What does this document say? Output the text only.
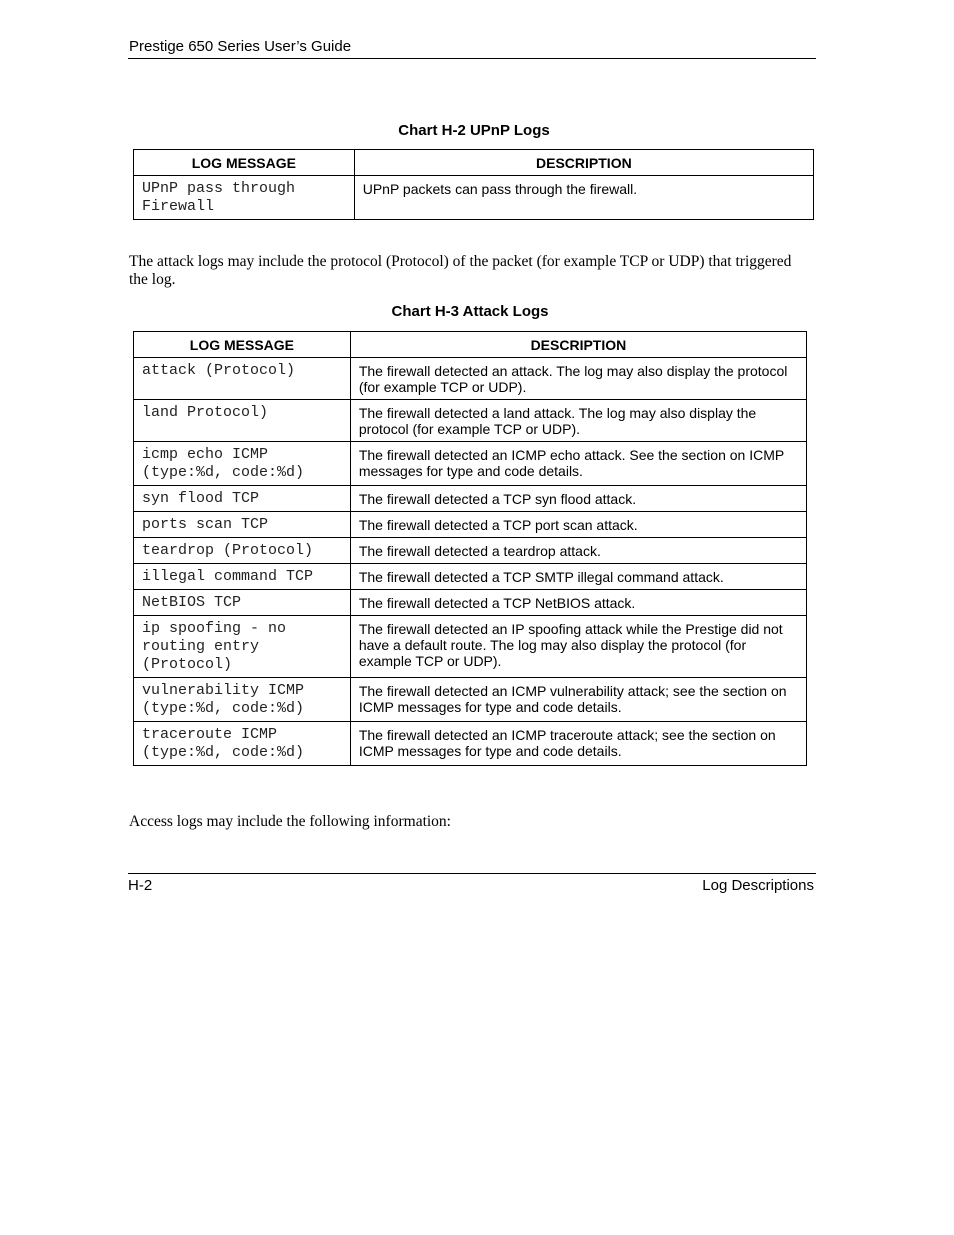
Prestige 650 Series User’s Guide
Chart H-2 UPnP Logs
LOG MESSAGE	DESCRIPTION
UPnP pass through
Firewall	UPnP packets can pass through the firewall.
The attack logs may include the protocol (Protocol) of the packet (for example TCP or UDP) that triggered the log.
Chart H-3 Attack Logs
LOG MESSAGE	DESCRIPTION
attack (Protocol)	The firewall detected an attack. The log may also display the protocol (for example TCP or UDP).
land Protocol)	The firewall detected a land attack. The log may also display the protocol (for example TCP or UDP).
icmp echo ICMP
(type:%d, code:%d)	The firewall detected an ICMP echo attack. See the section on ICMP messages for type and code details.
syn flood TCP	The firewall detected a TCP syn flood attack.
ports scan TCP	The firewall detected a TCP port scan attack.
teardrop (Protocol)	The firewall detected a teardrop attack.
illegal command TCP	The firewall detected a TCP SMTP illegal command attack.
NetBIOS TCP	The firewall detected a TCP NetBIOS attack.
ip spoofing - no
routing entry
(Protocol)	The firewall detected an IP spoofing attack while the Prestige did not have a default route. The log may also display the protocol (for example TCP or UDP).
vulnerability ICMP
(type:%d, code:%d)	The firewall detected an ICMP vulnerability attack; see the section on ICMP messages for type and code details.
traceroute ICMP
(type:%d, code:%d)	The firewall detected an ICMP traceroute attack; see the section on ICMP messages for type and code details.
Access logs may include the following information:
H-2	Log Descriptions
